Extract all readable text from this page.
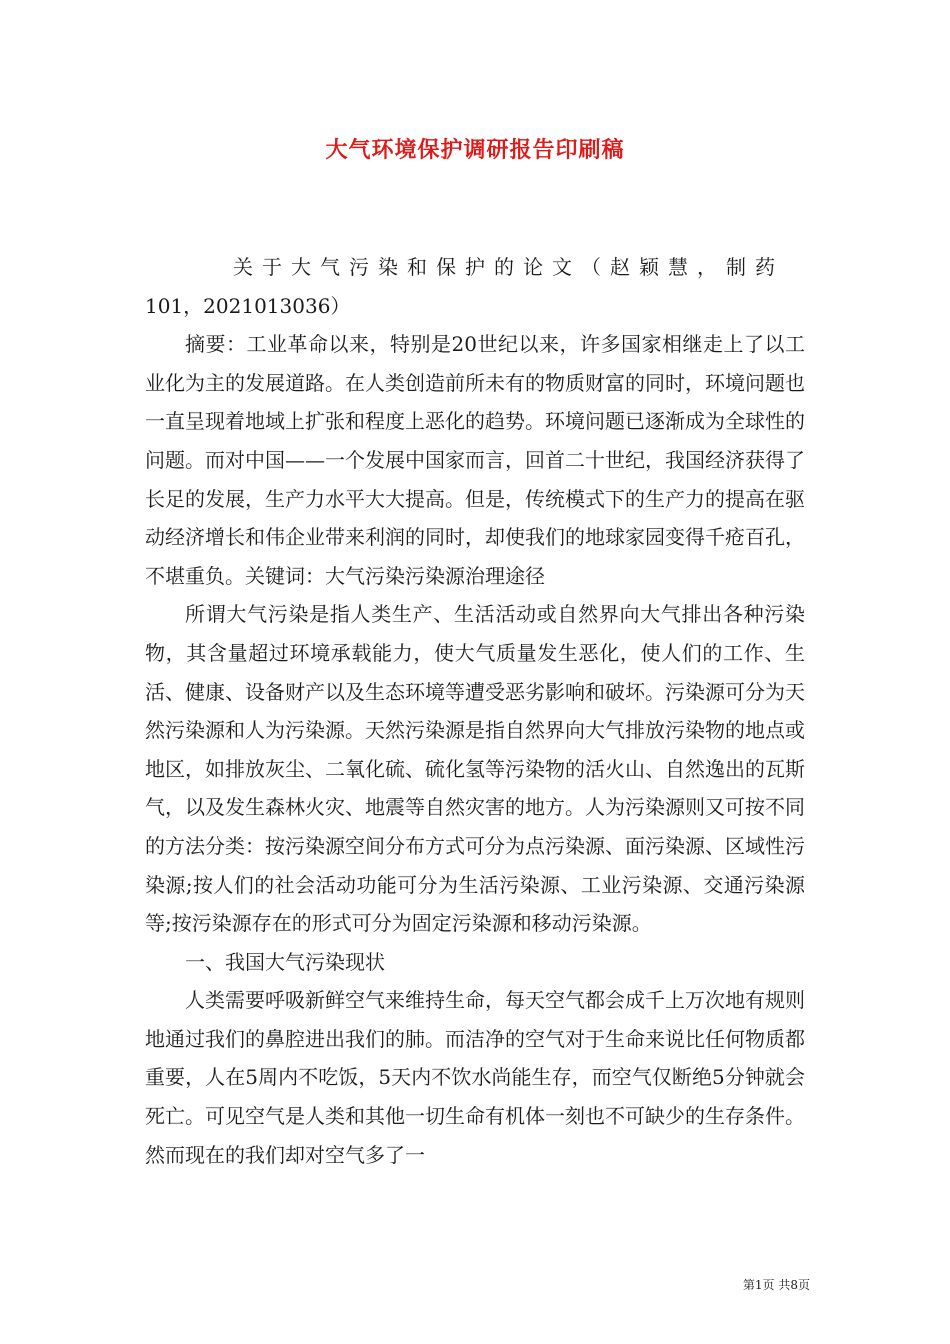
大气环境保护调研报告印刷稿

关于大气污染和保护的论文（赵颖慧，制药

101，2021013036）

摘要：工业革命以来，特别是20世纪以来，许多国家相继走上了以工业化为主的发展道路。在人类创造前所未有的物质财富的同时，环境问题也一直呈现着地域上扩张和程度上恶化的趋势。环境问题已逐渐成为全球性的问题。而对中国——一个发展中国家而言，回首二十世纪，我国经济获得了长足的发展，生产力水平大大提高。但是，传统模式下的生产力的提高在驱动经济增长和伟企业带来利润的同时，却使我们的地球家园变得千疮百孔，不堪重负。关键词：大气污染污染源治理途径

所谓大气污染是指人类生产、生活活动或自然界向大气排出各种污染物，其含量超过环境承载能力，使大气质量发生恶化，使人们的工作、生活、健康、设备财产以及生态环境等遭受恶劣影响和破坏。污染源可分为天然污染源和人为污染源。天然污染源是指自然界向大气排放污染物的地点或地区，如排放灰尘、二氧化硫、硫化氢等污染物的活火山、自然逸出的瓦斯气，以及发生森林火灾、地震等自然灾害的地方。人为污染源则又可按不同的方法分类：按污染源空间分布方式可分为点污染源、面污染源、区域性污染源;按人们的社会活动功能可分为生活污染源、工业污染源、交通污染源等;按污染源存在的形式可分为固定污染源和移动污染源。

一、我国大气污染现状

人类需要呼吸新鲜空气来维持生命，每天空气都会成千上万次地有规则地通过我们的鼻腔进出我们的肺。而洁净的空气对于生命来说比任何物质都重要，人在5周内不吃饭，5天内不饮水尚能生存，而空气仅断绝5分钟就会死亡。可见空气是人类和其他一切生命有机体一刻也不可缺少的生存条件。然而现在的我们却对空气多了一

第1页 共8页
